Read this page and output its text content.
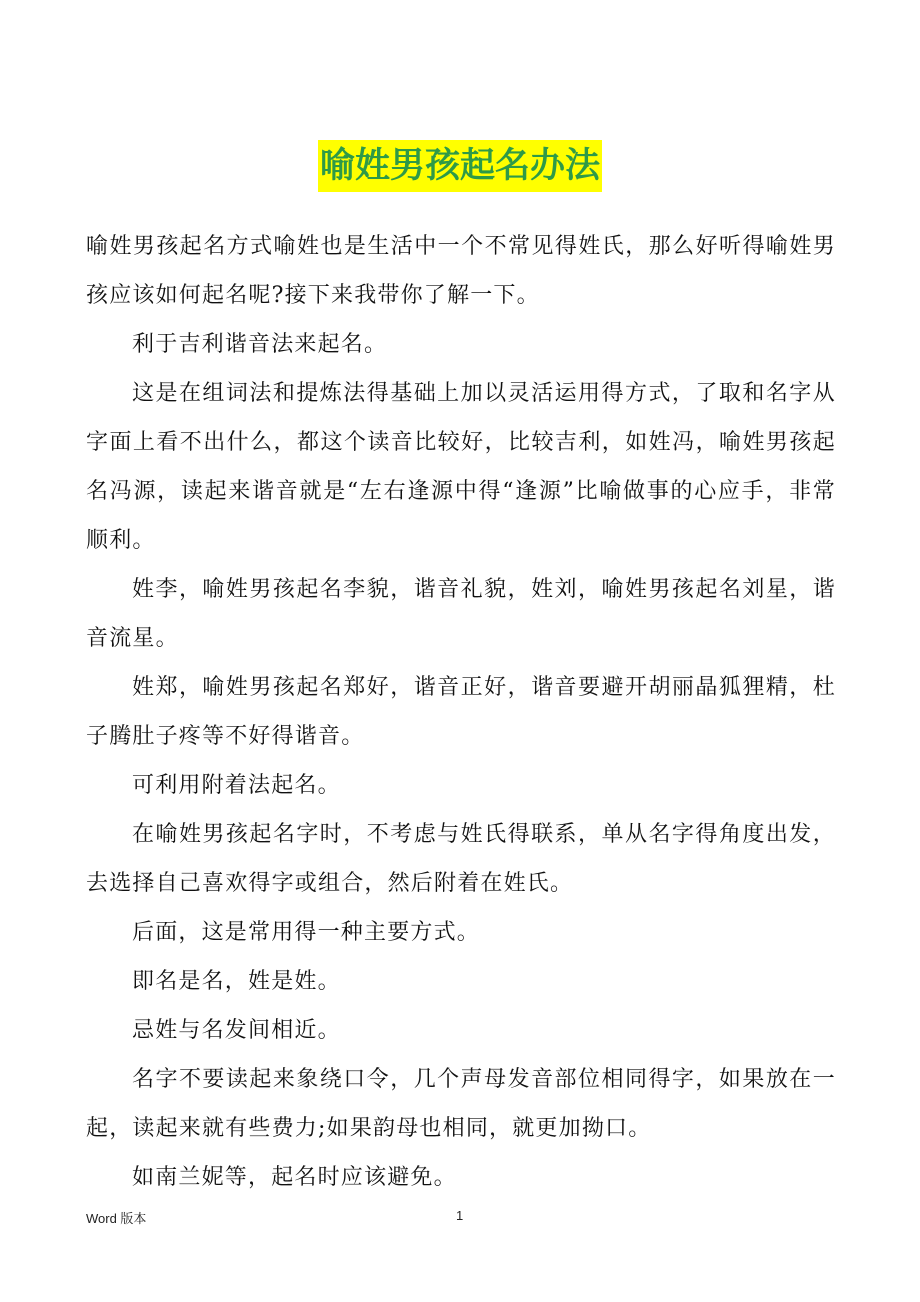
喻姓男孩起名办法

喻姓男孩起名方式喻姓也是生活中一个不常见得姓氏，那么好听得喻姓男孩应该如何起名呢?接下来我带你了解一下。

利于吉利谐音法来起名。

这是在组词法和提炼法得基础上加以灵活运用得方式，了取和名字从字面上看不出什么，都这个读音比较好，比较吉利，如姓冯，喻姓男孩起名冯源，读起来谐音就是“左右逢源中得“逢源”比喻做事的心应手，非常顺利。

姓李，喻姓男孩起名李貌，谐音礼貌，姓刘，喻姓男孩起名刘星，谐音流星。

姓郑，喻姓男孩起名郑好，谐音正好，谐音要避开胡丽晶狐狸精，杜子腾肚子疼等不好得谐音。

可利用附着法起名。

在喻姓男孩起名字时，不考虑与姓氏得联系，单从名字得角度出发，去选择自己喜欢得字或组合，然后附着在姓氏。

后面，这是常用得一种主要方式。

即名是名，姓是姓。

忌姓与名发间相近。

名字不要读起来象绕口令，几个声母发音部位相同得字，如果放在一起，读起来就有些费力;如果韵母也相同，就更加拗口。

如南兰妮等，起名时应该避免。

Word 版本	1
